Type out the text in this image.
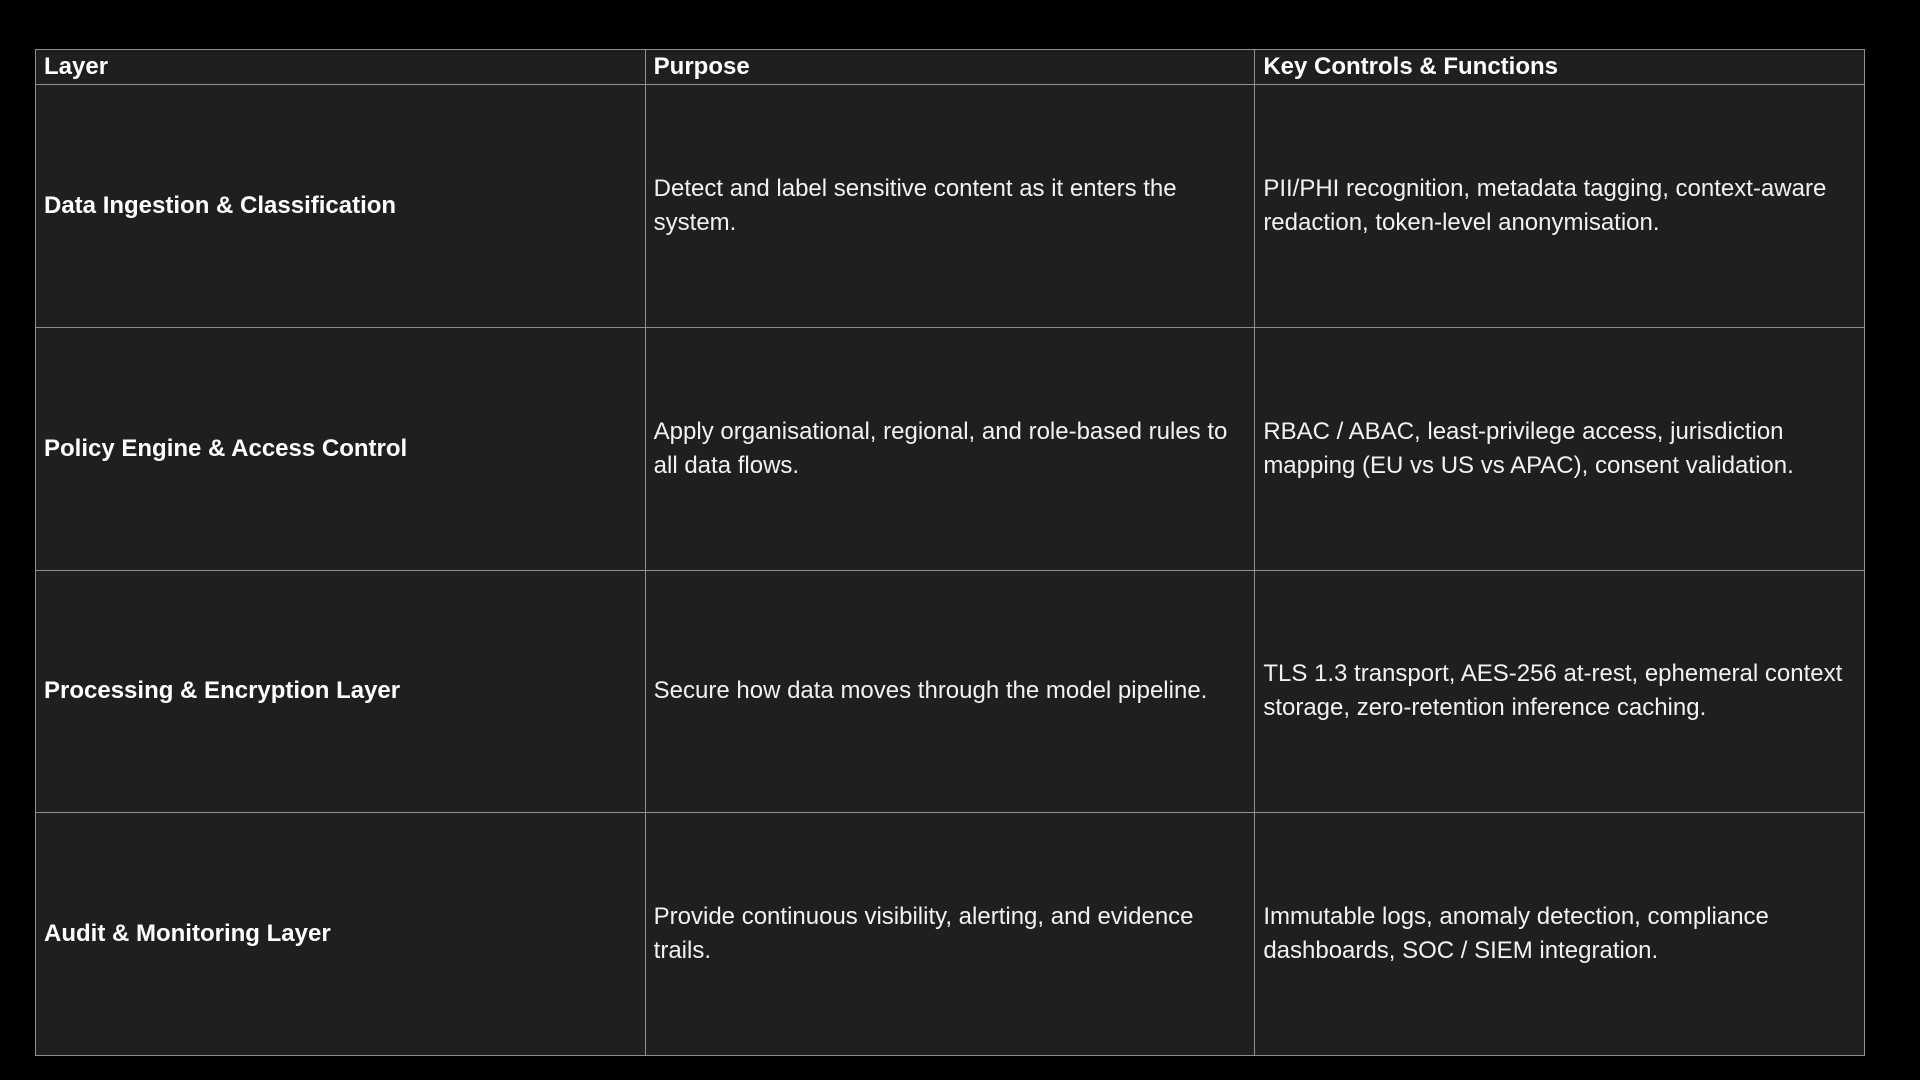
Layer	Purpose	Key Controls & Functions
Data Ingestion & Classification	Detect and label sensitive content as it enters the system.	PII/PHI recognition, metadata tagging, context-aware redaction, token-level anonymisation.
Policy Engine & Access Control	Apply organisational, regional, and role-based rules to all data flows.	RBAC / ABAC, least-privilege access, jurisdiction mapping (EU vs US vs APAC), consent validation.
Processing & Encryption Layer	Secure how data moves through the model pipeline.	TLS 1.3 transport, AES-256 at-rest, ephemeral context storage, zero-retention inference caching.
Audit & Monitoring Layer	Provide continuous visibility, alerting, and evidence trails.	Immutable logs, anomaly detection, compliance dashboards, SOC / SIEM integration.
